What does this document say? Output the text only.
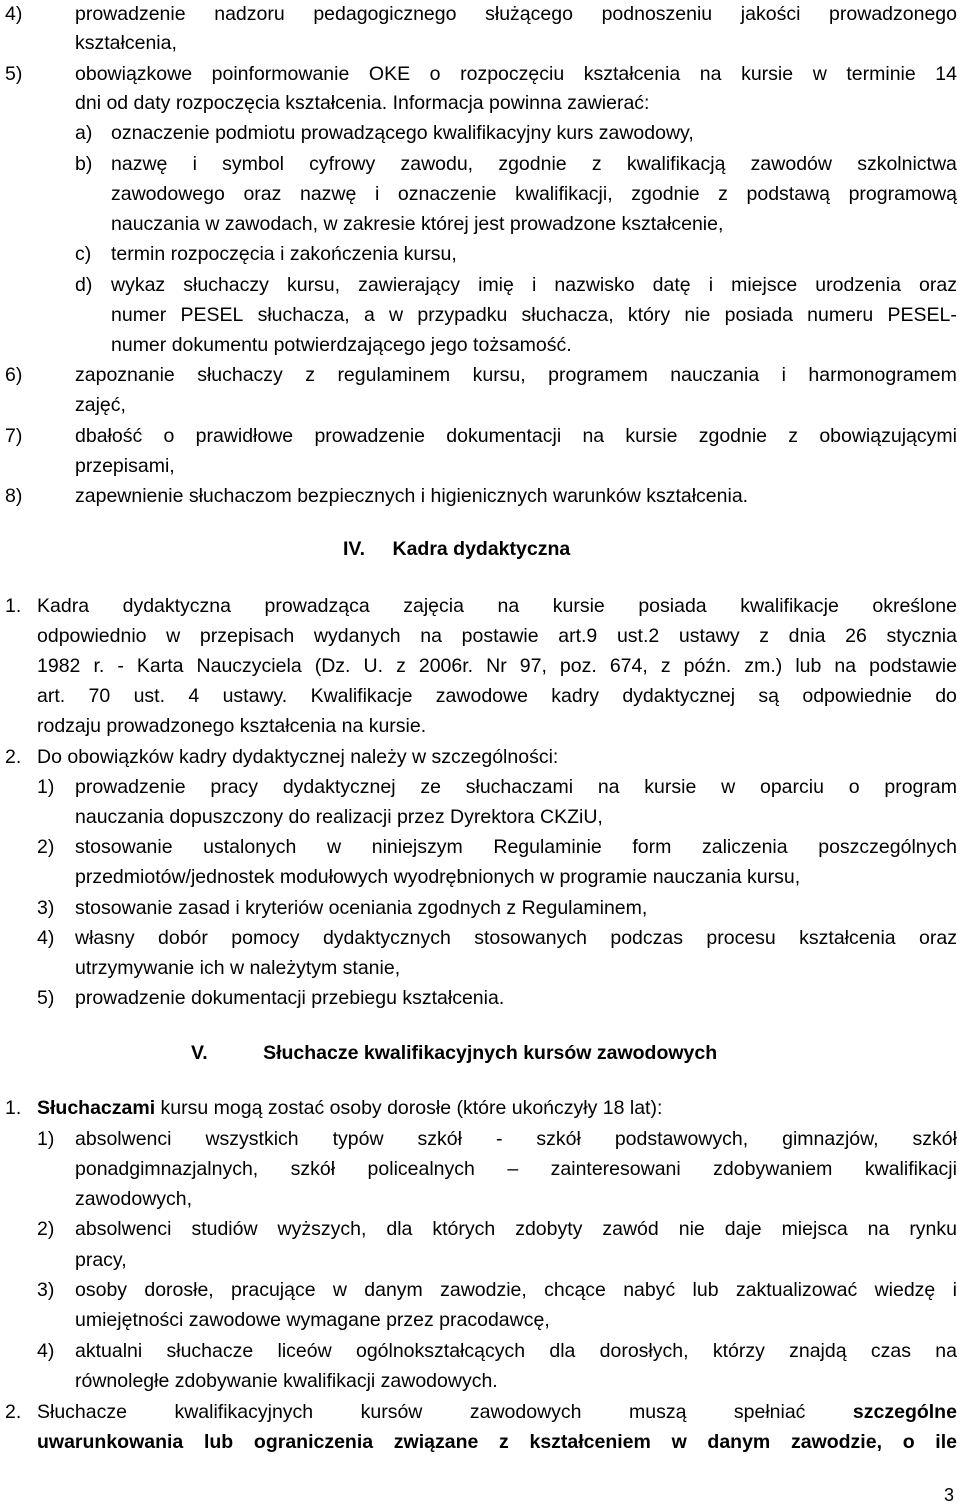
4)	prowadzenie nadzoru pedagogicznego służącego podnoszeniu jakości prowadzonego
kształcenia,
5)	obowiązkowe poinformowanie OKE o rozpoczęciu kształcenia na kursie w terminie 14
dni od daty rozpoczęcia kształcenia. Informacja powinna zawierać:
a) oznaczenie podmiotu prowadzącego kwalifikacyjny kurs zawodowy,
b) nazwę i symbol cyfrowy zawodu, zgodnie z kwalifikacją zawodów szkolnictwa
zawodowego oraz nazwę i oznaczenie kwalifikacji, zgodnie z podstawą programową
nauczania w zawodach, w zakresie której jest prowadzone kształcenie,
c) termin rozpoczęcia i zakończenia kursu,
d) wykaz słuchaczy kursu, zawierający imię i nazwisko datę i miejsce urodzenia oraz
numer PESEL słuchacza, a w przypadku słuchacza, który nie posiada numeru PESEL-
numer dokumentu potwierdzającego jego tożsamość.
6)	zapoznanie słuchaczy z regulaminem kursu, programem nauczania i harmonogramem
zajęć,
7)	dbałość o prawidłowe prowadzenie dokumentacji na kursie zgodnie z obowiązującymi
przepisami,
8)	zapewnienie słuchaczom bezpiecznych i higienicznych warunków kształcenia.
1. Kadra dydaktyczna prowadząca zajęcia na kursie posiada kwalifikacje określone
odpowiednio w przepisach wydanych na postawie art.9 ust.2 ustawy z dnia 26 stycznia
1982 r. - Karta Nauczyciela (Dz. U. z 2006r. Nr 97, poz. 674, z późn. zm.) lub na podstawie
art. 70 ust. 4 ustawy. Kwalifikacje zawodowe kadry dydaktycznej są odpowiednie do
rodzaju prowadzonego kształcenia na kursie.
2. Do obowiązków kadry dydaktycznej należy w szczególności:
1) prowadzenie pracy dydaktycznej ze słuchaczami na kursie w oparciu o program
nauczania dopuszczony do realizacji przez Dyrektora CKZiU,
2) stosowanie ustalonych w niniejszym Regulaminie form zaliczenia poszczególnych
przedmiotów/jednostek modułowych wyodrębnionych w programie nauczania kursu,
3) stosowanie zasad i kryteriów oceniania zgodnych z Regulaminem,
4) własny dobór pomocy dydaktycznych stosowanych podczas procesu kształcenia oraz
utrzymywanie ich w należytym stanie,
5) prowadzenie dokumentacji przebiegu kształcenia.
1. Słuchaczami kursu mogą zostać osoby dorosłe (które ukończyły 18 lat):
1) absolwenci wszystkich typów szkół - szkół podstawowych, gimnazjów, szkół
ponadgimnazjalnych, szkół policealnych – zainteresowani zdobywaniem kwalifikacji
zawodowych,
2) absolwenci studiów wyższych, dla których zdobyty zawód nie daje miejsca na rynku
pracy,
3) osoby dorosłe, pracujące w danym zawodzie, chcące nabyć lub zaktualizować wiedzę i
umiejętności zawodowe wymagane przez pracodawcę,
4) aktualni słuchacze liceów ogólnokształcących dla dorosłych, którzy znajdą czas na
równoległe zdobywanie kwalifikacji zawodowych.
2. Słuchacze kwalifikacyjnych kursów zawodowych muszą spełniać szczególne
uwarunkowania lub ograniczenia związane z kształceniem w danym zawodzie, o ile
IV. Kadra dydaktyczna
V.	Słuchacze kwalifikacyjnych kursów zawodowych
3
